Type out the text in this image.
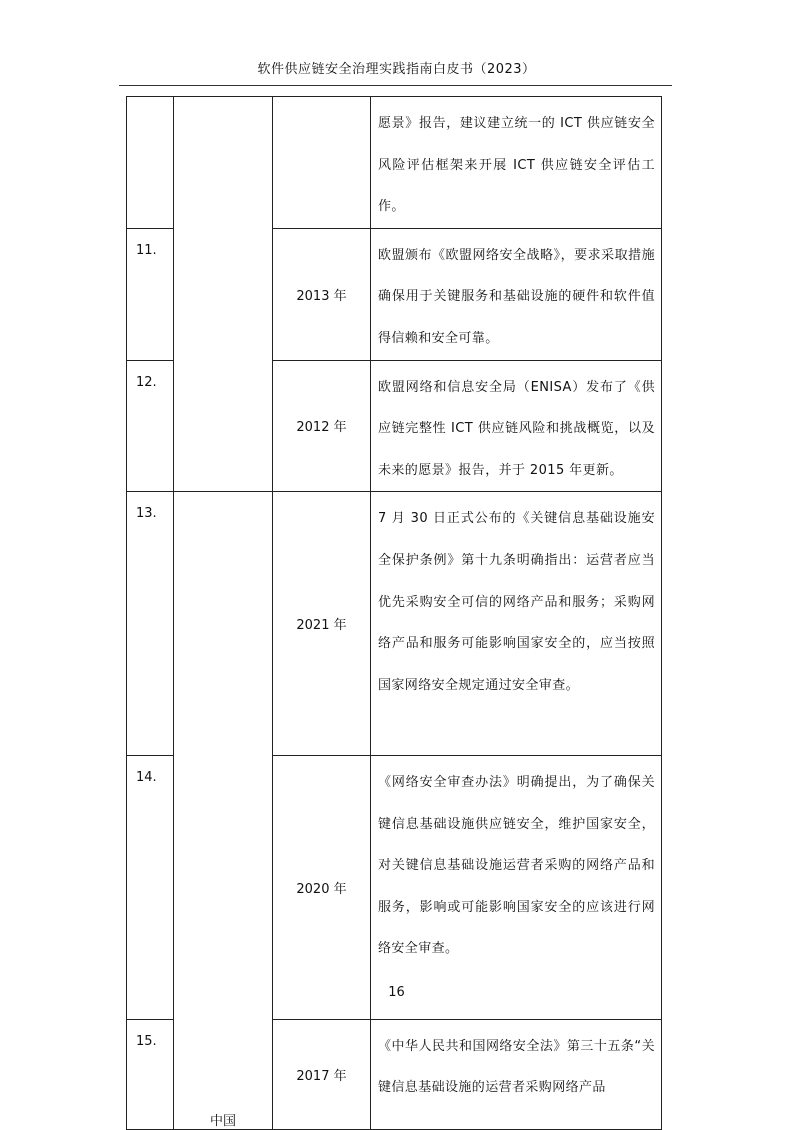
软件供应链安全治理实践指南白皮书（2023）
			愿景》报告，建议建立统一的 ICT 供应链安全风险评估框架来开展 ICT 供应链安全评估工作。

11.		2013 年	欧盟颁布《欧盟网络安全战略》，要求采取措施确保用于关键服务和基础设施的硬件和软件值得信赖和安全可靠。

12.		2012 年	欧盟网络和信息安全局（ENISA）发布了《供应链完整性 ICT 供应链风险和挑战概览，以及未来的愿景》报告，并于 2015 年更新。

13.	中国	2021 年	7 月 30 日正式公布的《关键信息基础设施安全保护条例》第十九条明确指出：运营者应当优先采购安全可信的网络产品和服务；采购网络产品和服务可能影响国家安全的，应当按照国家网络安全规定通过安全审查。

14.		2020 年	《网络安全审查办法》明确提出，为了确保关键信息基础设施供应链安全，维护国家安全，对关键信息基础设施运营者采购的网络产品和服务，影响或可能影响国家安全的应该进行网络安全审查。

15.		2017 年	《中华人民共和国网络安全法》第三十五条“关键信息基础设施的运营者采购网络产品
16
